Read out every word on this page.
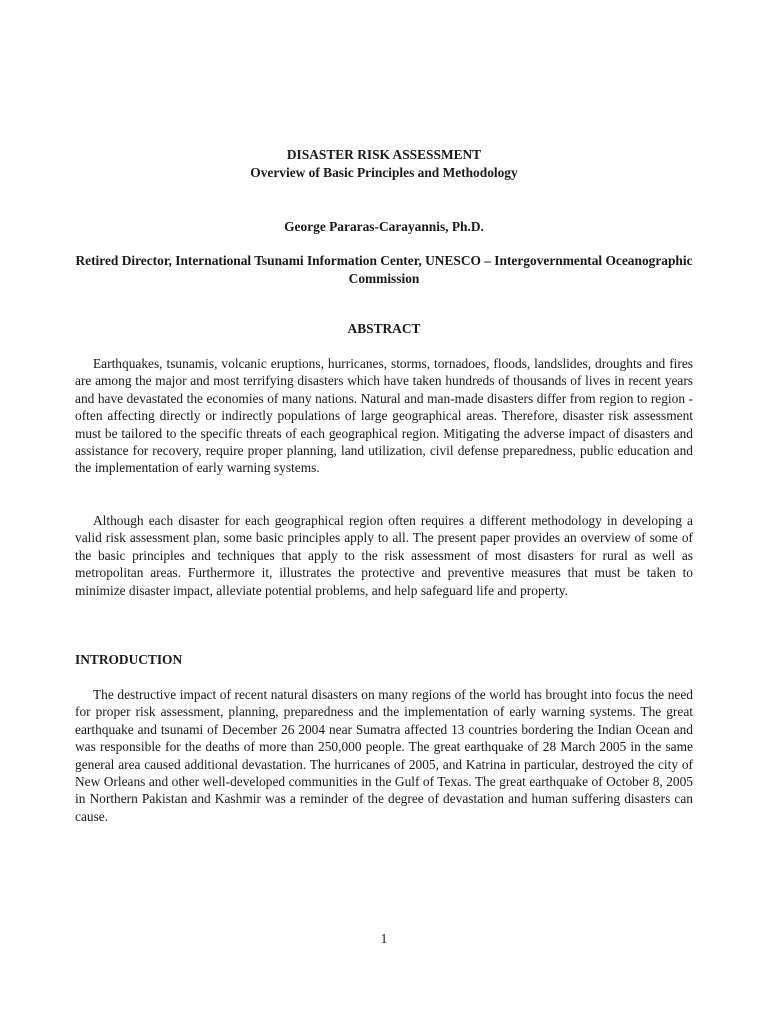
DISASTER RISK ASSESSMENT
Overview of Basic Principles and Methodology
George Pararas-Carayannis, Ph.D.
Retired Director, International Tsunami Information Center, UNESCO – Intergovernmental Oceanographic Commission
ABSTRACT

Earthquakes, tsunamis, volcanic eruptions, hurricanes, storms, tornadoes, floods, landslides, droughts and fires are among the major and most terrifying disasters which have taken hundreds of thousands of lives in recent years and have devastated the economies of many nations. Natural and man-made disasters differ from region to region - often affecting directly or indirectly populations of large geographical areas. Therefore, disaster risk assessment must be tailored to the specific threats of each geographical region. Mitigating the adverse impact of disasters and assistance for recovery, require proper planning, land utilization, civil defense preparedness, public education and the implementation of early warning systems.

Although each disaster for each geographical region often requires a different methodology in developing a valid risk assessment plan, some basic principles apply to all. The present paper provides an overview of some of the basic principles and techniques that apply to the risk assessment of most disasters for rural as well as metropolitan areas. Furthermore it, illustrates the protective and preventive measures that must be taken to minimize disaster impact, alleviate potential problems, and help safeguard life and property.

INTRODUCTION

The destructive impact of recent natural disasters on many regions of the world has brought into focus the need for proper risk assessment, planning, preparedness and the implementation of early warning systems. The great earthquake and tsunami of December 26 2004 near Sumatra affected 13 countries bordering the Indian Ocean and was responsible for the deaths of more than 250,000 people. The great earthquake of 28 March 2005 in the same general area caused additional devastation. The hurricanes of 2005, and Katrina in particular, destroyed the city of New Orleans and other well-developed communities in the Gulf of Texas. The great earthquake of October 8, 2005 in Northern Pakistan and Kashmir was a reminder of the degree of devastation and human suffering disasters can cause.

1
